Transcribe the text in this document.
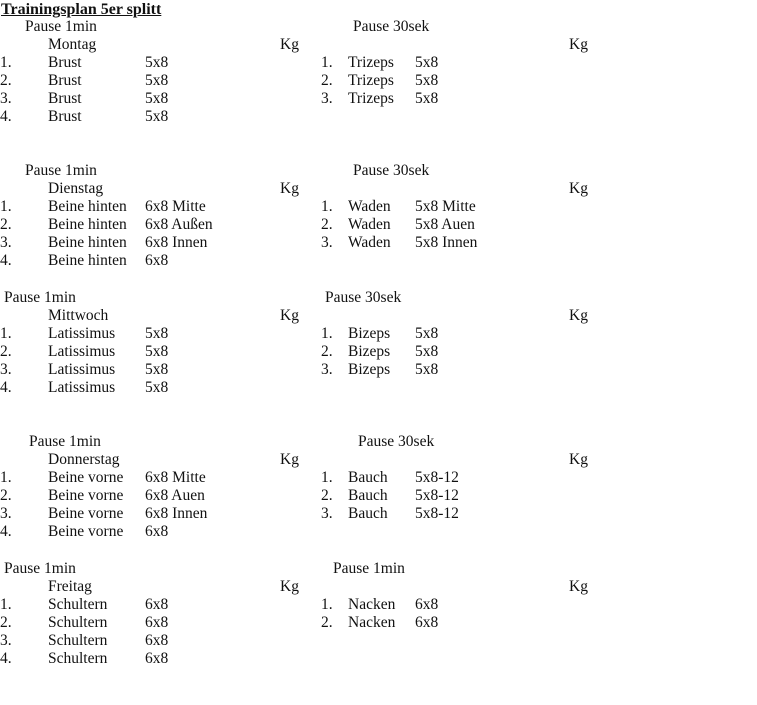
Trainingsplan 5er splitt
Pause 1min	Pause 30sek
Montag	Kg	Kg
1. Brust	5x8
2. Brust	5x8
3. Brust	5x8
4. Brust	5x8
1. Trizeps 5x8
2. Trizeps 5x8
3. Trizeps 5x8
Pause 1min	Pause 30sek
Dienstag	Kg	Kg
1. Beine hinten 6x8 Mitte
2. Beine hinten 6x8 Außen
3. Beine hinten 6x8 Innen
4. Beine hinten 6x8
1. Waden 5x8 Mitte
2. Waden 5x8 Auen
3. Waden 5x8 Innen
Pause 1min	Pause 30sek
Mittwoch	Kg	Kg
1. Latissimus 5x8
2. Latissimus 5x8
3. Latissimus 5x8
4. Latissimus 5x8
1. Bizeps 5x8
2. Bizeps 5x8
3. Bizeps 5x8
Pause 1min	Pause 30sek
Donnerstag	Kg	Kg
1. Beine vorne 6x8 Mitte
2. Beine vorne 6x8 Auen
3. Beine vorne 6x8 Innen
4. Beine vorne 6x8
1. Bauch 5x8-12
2. Bauch 5x8-12
3. Bauch 5x8-12
Pause 1min	Pause 1min
Freitag	Kg	Kg
1. Schultern 6x8
2. Schultern 6x8
3. Schultern 6x8
4. Schultern 6x8
1. Nacken 6x8
2. Nacken 6x8
